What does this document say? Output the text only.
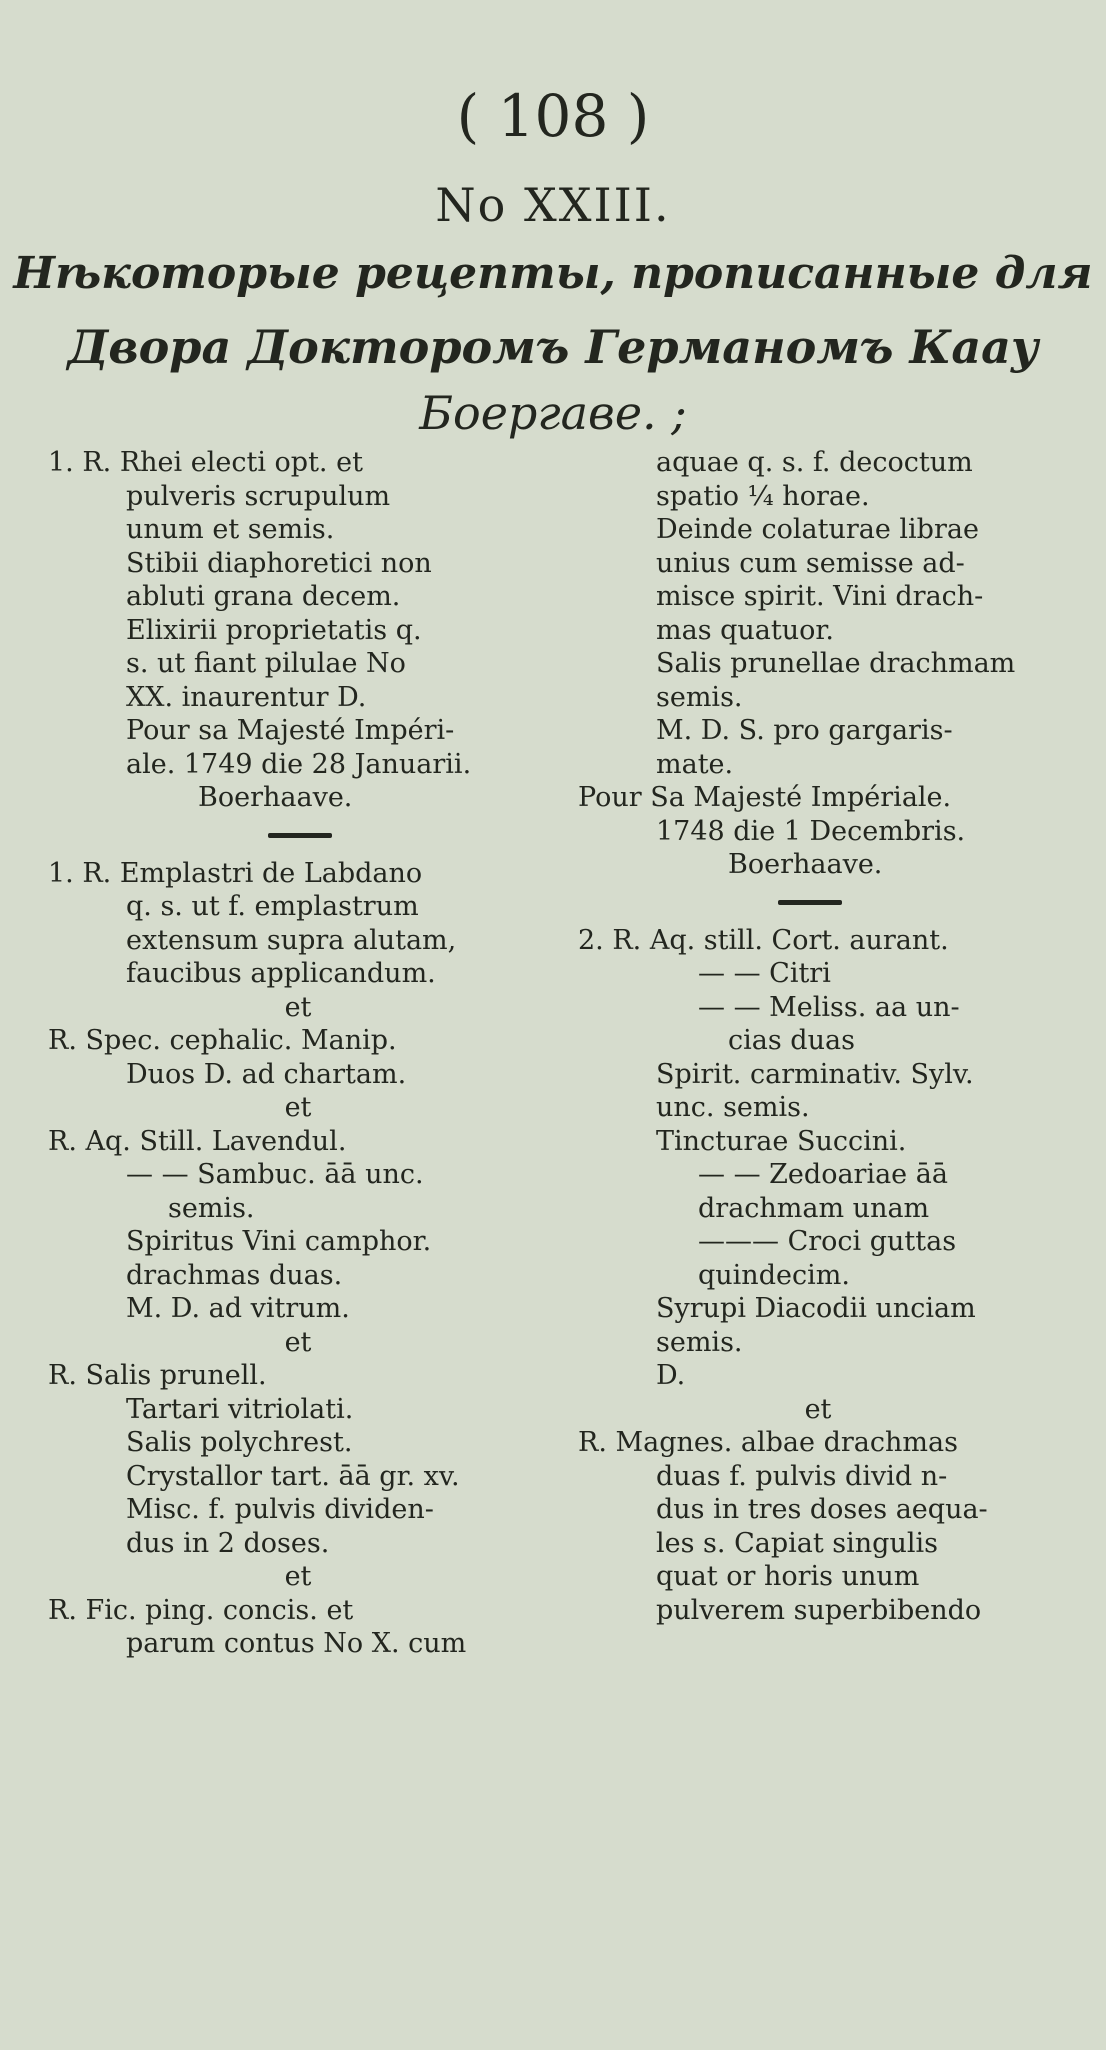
( 108 )
No XXIII.
Нѣкоторые рецепты, прописанные для
Двора Докторомъ Германомъ Каау
Боергаве. ;
1. R. Rhei electi opt. et
pulveris scrupulum
unum et semis.
Stibii diaphoretici non
abluti grana decem.
Elixirii proprietatis q.
s. ut fiant pilulae No
XX. inaurentur D.
Pour sa Majesté Impéri-
ale. 1749 die 28 Januarii.
Boerhaave.
1. R. Emplastri de Labdano
q. s. ut f. emplastrum
extensum supra alutam,
faucibus applicandum.
et
R. Spec. cephalic. Manip.
Duos D. ad chartam.
et
R. Aq. Still. Lavendul.
— — Sambuc. āā unc.
semis.
Spiritus Vini camphor.
drachmas duas.
M. D. ad vitrum.
et
R. Salis prunell.
Tartari vitriolati.
Salis polychrest.
Crystallor tart. āā gr. xv.
Misc. f. pulvis dividen-
dus in 2 doses.
et
R. Fic. ping. concis. et
parum contus No X. cum
aquae q. s. f. decoctum
spatio ¼ horae.
Deinde colaturae librae
unius cum semisse ad-
misce spirit. Vini drach-
mas quatuor.
Salis prunellae drachmam
semis.
M. D. S. pro gargaris-
mate.
Pour Sa Majesté Impériale.
1748 die 1 Decembris.
Boerhaave.
2. R. Aq. still. Cort. aurant.
— — Citri
— — Meliss. aa un-
cias duas
Spirit. carminativ. Sylv.
unc. semis.
Tincturae Succini.
— — Zedoariae āā
drachmam unam
——— Croci guttas
quindecim.
Syrupi Diacodii unciam
semis.
D.
et
R. Magnes. albae drachmas
duas f. pulvis divid n-
dus in tres doses aequa-
les s. Capiat singulis
quat or horis unum
pulverem superbibendo
